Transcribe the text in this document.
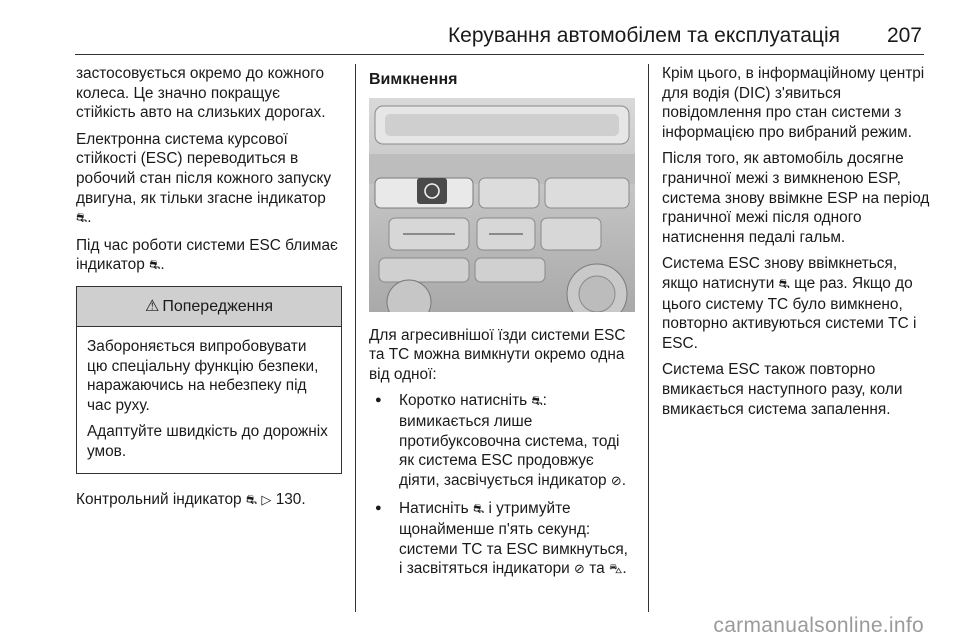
Керування автомобілем та експлуатація 207

застосовується окремо до кожного колеса. Це значно покращує стійкість авто на слизьких дорогах.

Електронна система курсової стійкості (ESC) переводиться в робочий стан після кожного запуску двигуна, як тільки згасне індикатор ⛐.

Під час роботи системи ESC блимає індикатор ⛐.

⚠ Попередження

Забороняється випробовувати цю спеціальну функцію безпеки, наражаючись на небезпеку під час руху.

Адаптуйте швидкість до дорожніх умов.

Контрольний індикатор ⛐ ▷ 130.

Вимкнення

Для агресивнішої їзди системи ESC та TC можна вимкнути окремо одна від одної:

● Коротко натисніть ⛐: вимикається лише протибуксовочна система, тоді як система ESC продовжує діяти, засвічується індикатор ⊘.
● Натисніть ⛐ і утримуйте щонайменше п'ять секунд: системи TC та ESC вимкнуться, і засвітяться індикатори ⊘ та ⛍.

Крім цього, в інформаційному центрі для водія (DIC) з'явиться повідомлення про стан системи з інформацією про вибраний режим.

Після того, як автомобіль досягне граничної межі з вимкненою ESP, система знову ввімкне ESP на період граничної межі після одного натиснення педалі гальм.

Система ESC знову ввімкнеться, якщо натиснути ⛐ ще раз. Якщо до цього систему TC було вимкнено, повторно активуються системи TC і ESC.

Система ESC також повторно вмикається наступного разу, коли вмикається система запалення.

carmanualsonline.info
